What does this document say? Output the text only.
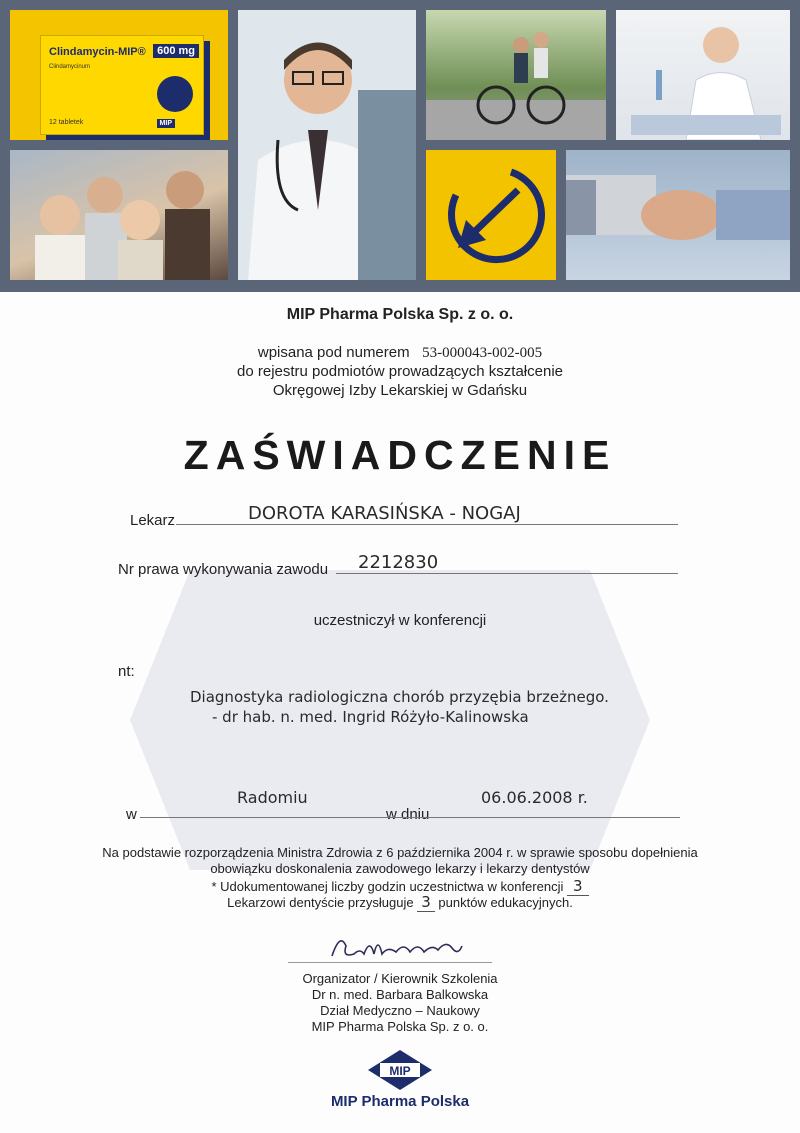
Clindamycin-MIP®	600 mg
Clindamycinum
12 tabletek	MIP
MIP Pharma Polska Sp. z o. o.
wpisana pod numerem 53-000043-002-005
do rejestru podmiotów prowadzących kształcenie
Okręgowej Izby Lekarskiej w Gdańsku
ZAŚWIADCZENIE
Lekarz	DOROTA KARASIŃSKA - NOGAJ
Nr prawa wykonywania zawodu 2212830
uczestniczył w konferencji
nt:
Diagnostyka radiologiczna chorób przyzębia brzeżnego.
- dr hab. n. med. Ingrid Różyło-Kalinowska
w
Radomiu
w dniu
06.06.2008 r.
Na podstawie rozporządzenia Ministra Zdrowia z 6 października 2004 r. w sprawie sposobu dopełnienia
obowiązku doskonalenia zawodowego lekarzy i lekarzy dentystów
* Udokumentowanej liczby godzin uczestnictwa w konferencji 3
Lekarzowi dentyście przysługuje 3 punktów edukacyjnych.
Organizator / Kierownik Szkolenia
Dr n. med. Barbara Balkowska
Dział Medyczno – Naukowy
MIP Pharma Polska Sp. z o. o.
MIP
MIP Pharma Polska
